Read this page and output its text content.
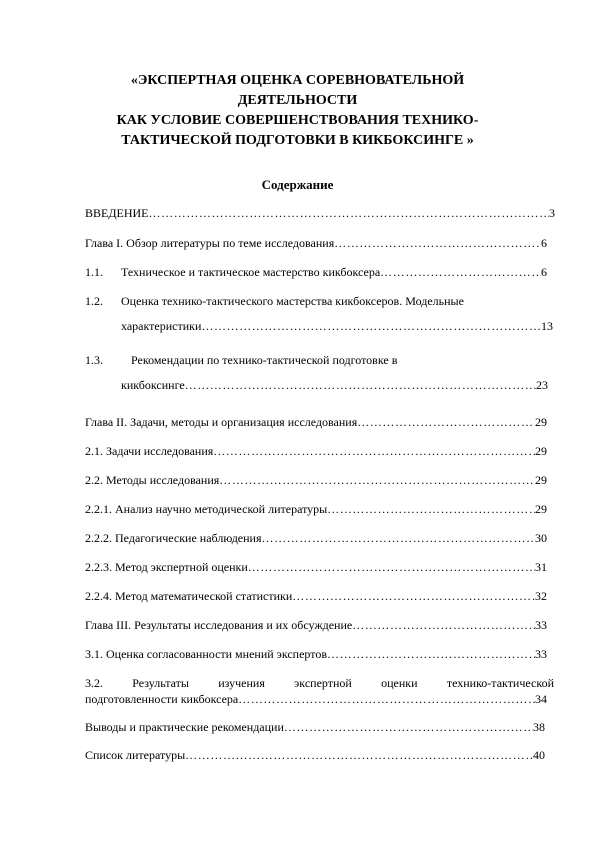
«ЭКСПЕРТНАЯ ОЦЕНКА СОРЕВНОВАТЕЛЬНОЙ ДЕЯТЕЛЬНОСТИ
КАК УСЛОВИЕ СОВЕРШЕНСТВОВАНИЯ ТЕХНИКО-
ТАКТИЧЕСКОЙ ПОДГОТОВКИ В КИКБОКСИНГЕ »
Содержание
ВВЕДЕНИЕ ………………………………………………………………………………………………………………………………………………………………	3
Глава I. Обзор литературы по теме исследования ………………………………………………………………………………………………………………………………………………………………	6
1.1.	Техническое и тактическое мастерство кикбоксера ………………………………………………………………………………………………………………………………………………………………	6
1.2.	Оценка технико-тактического мастерства кикбоксеров. Модельные
характеристики ………………………………………………………………………………………………………………………………………………………………	13
1.3.	Рекомендации по технико-тактической подготовке в
кикбоксинге ………………………………………………………………………………………………………………………………………………………………	23
Глава II. Задачи, методы и организация исследования ………………………………………………………………………………………………………………………………………………………………	29
2.1. Задачи исследования ………………………………………………………………………………………………………………………………………………………………	29
2.2. Методы исследования ………………………………………………………………………………………………………………………………………………………………	29
2.2.1. Анализ научно методической литературы ………………………………………………………………………………………………………………………………………………………………	29
2.2.2. Педагогические наблюдения ………………………………………………………………………………………………………………………………………………………………	30
2.2.3. Метод экспертной оценки ………………………………………………………………………………………………………………………………………………………………	31
2.2.4. Метод математической статистики ………………………………………………………………………………………………………………………………………………………………	32
Глава III. Результаты исследования и их обсуждение ………………………………………………………………………………………………………………………………………………………………	33
3.1. Оценка согласованности мнений экспертов ………………………………………………………………………………………………………………………………………………………………	33
3.2. Результаты изучения экспертной оценки технико-тактической
подготовленности кикбоксера ………………………………………………………………………………………………………………………………………………………………	34
Выводы и практические рекомендации ………………………………………………………………………………………………………………………………………………………………	38
Список литературы ………………………………………………………………………………………………………………………………………………………………	40
